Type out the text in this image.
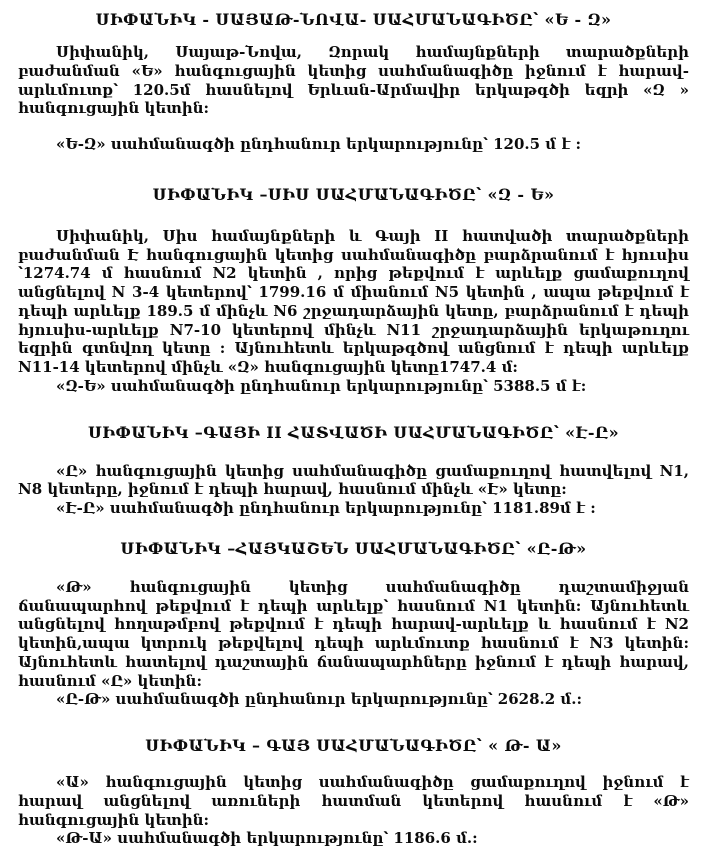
ՍԻՓԱՆԻԿ - ՍԱՅԱԹ-ՆՈՎԱ- ՍԱՀՄԱՆԱԳԻԾԸ՝ «Ե - Զ»

Սիփանիկ, Սայաթ-Նովա, Զորակ համայնքների տարածքների բաժանման «Ե» հանգուցային կետից սահմանագիծը իջնում է հարավ-արևմուտք՝ 120.5մ հասնելով Երևան-Արմավիր երկաթգծի եզրի «Զ » հանգուցային կետին:

«Ե-Զ» սահմանագծի ընդհանուր երկարությունը՝ 120.5 մ է :

ՍԻՓԱՆԻԿ –ՍԻՍ ՍԱՀՄԱՆԱԳԻԾԸ՝ «Զ - Ե»

Սիփանիկ, Սիս համայնքների և Գայի II հատվածի տարածքների բաժանման Է հանգուցային կետից սահմանագիծը բարձրանում է հյուսիս ՝1274.74 մ հասնում N2 կետին , որից թեքվում է արևելք ցամաքուղով անցնելով N 3-4 կետերով՝ 1799.16 մ միանում N5 կետին , ապա թեքվում է դեպի արևելք 189.5 մ մինչև N6 շրջադարձային կետը, բարձրանում է դեպի հյուսիս-արևելք N7-10 կետերով մինչև N11 շրջադարձային երկաթուղու եզրին գտնվող կետը : Այնուհետև երկաթգծով անցնում է դեպի արևելք N11-14 կետերով մինչև «Զ» հանգուցային կետը1747.4 մ:

«Զ-Ե» սահմանագծի ընդհանուր երկարությունը՝ 5388.5 մ է:

ՍԻՓԱՆԻԿ –ԳԱՅԻ II ՀԱՏՎԱԾԻ ՍԱՀՄԱՆԱԳԻԾԸ՝ «Է-Ը»

«Ը» հանգուցային կետից սահմանագիծը ցամաքուղով հատվելով N1, N8 կետերը, իջնում է դեպի հարավ, հասնում մինչև «Է» կետը:

«Է-Ը» սահմանագծի ընդհանուր երկարությունը՝ 1181.89մ է :

ՍԻՓԱՆԻԿ –ՀԱՅԿԱՇԵՆ ՍԱՀՄԱՆԱԳԻԾԸ՝ «Ը-Թ»

«Թ» հանգուցային կետից սահմանագիծը դաշտամիջյան ճանապարհով թեքվում է դեպի արևելք՝ հասնում N1 կետին: Այնուհետև անցնելով հողաթմբով թեքվում է դեպի հարավ-արևելք և հասնում է N2 կետին,ապա կտրուկ թեքվելով դեպի արևմուտք հասնում է N3 կետին: Այնուհետև հատելով դաշտային ճանապարհները իջնում է դեպի հարավ, հասնում «Ը» կետին:

«Ը-Թ» սահմանագծի ընդհանուր երկարությունը՝ 2628.2 մ.:

ՍԻՓԱՆԻԿ – ԳԱՅ ՍԱՀՄԱՆԱԳԻԾԸ՝ « Թ- Ա»

«Ա» հանգուցային կետից սահմանագիծը ցամաքուղով իջնում է հարավ անցնելով առուների հատման կետերով հասնում է «Թ» հանգուցային կետին:

«Թ-Ա» սահմանագծի երկարությունը՝ 1186.6 մ.:
